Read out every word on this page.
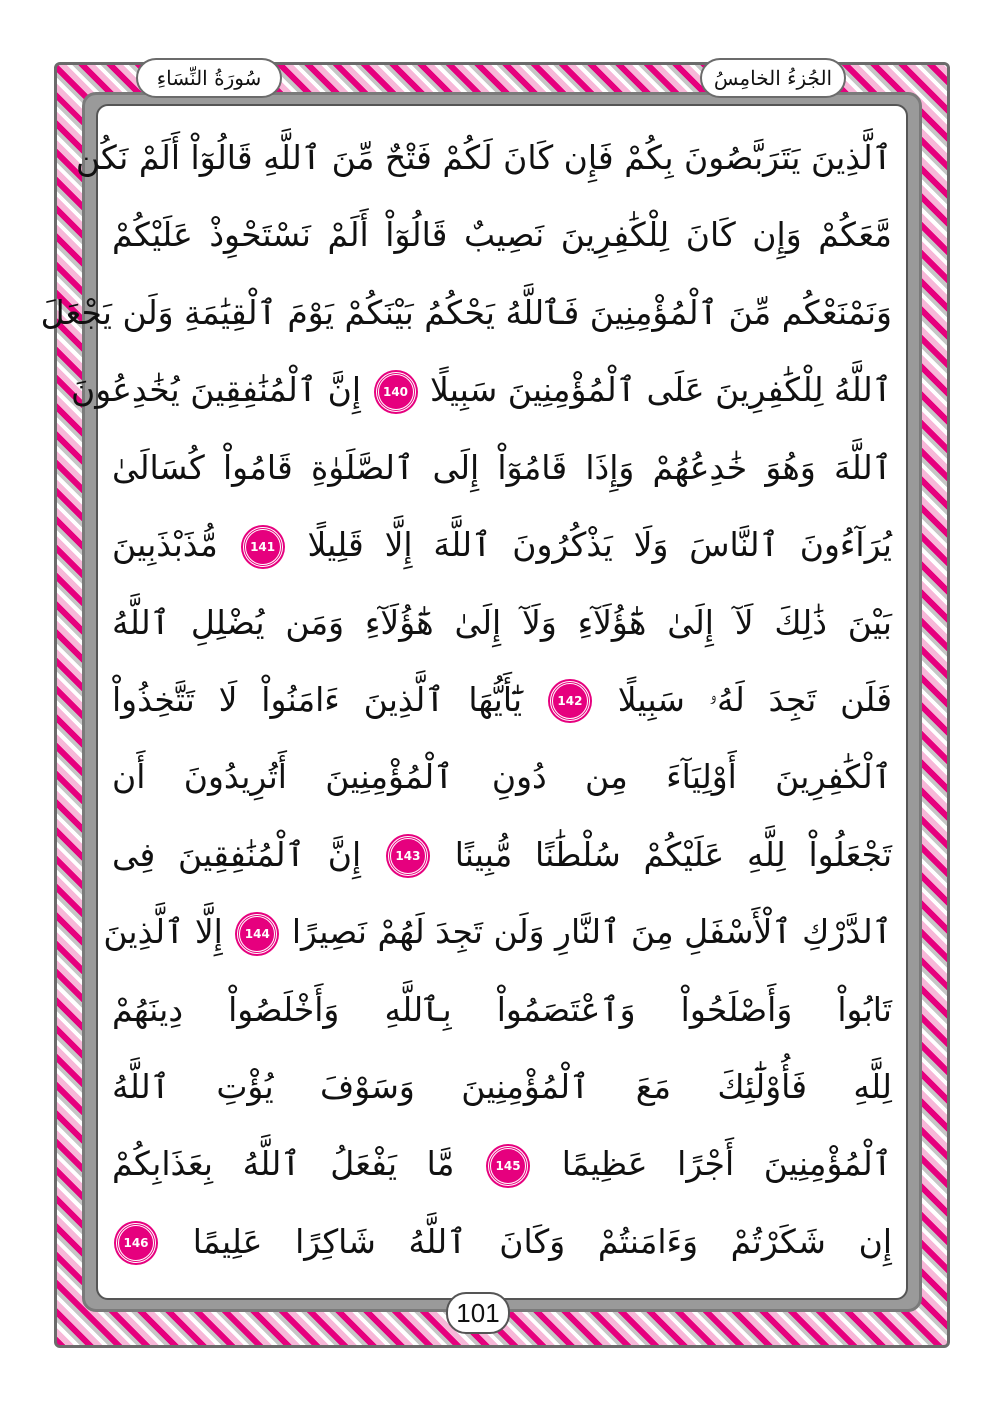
الجُزءُ الخامِسُ
سُورَةُ النِّسَاءِ
ٱلَّذِينَ يَتَرَبَّصُونَ بِكُمْ فَإِن كَانَ لَكُمْ فَتْحٌ مِّنَ ٱللَّهِ قَالُوٓاْ أَلَمْ نَكُن
مَّعَكُمْ وَإِن كَانَ لِلْكَٰفِرِينَ نَصِيبٌ قَالُوٓاْ أَلَمْ نَسْتَحْوِذْ عَلَيْكُمْ
وَنَمْنَعْكُم مِّنَ ٱلْمُؤْمِنِينَ فَٱللَّهُ يَحْكُمُ بَيْنَكُمْ يَوْمَ ٱلْقِيَٰمَةِ وَلَن يَجْعَلَ
ٱللَّهُ لِلْكَٰفِرِينَ عَلَى ٱلْمُؤْمِنِينَ سَبِيلًا 140 إِنَّ ٱلْمُنَٰفِقِينَ يُخَٰدِعُونَ
ٱللَّهَ وَهُوَ خَٰدِعُهُمْ وَإِذَا قَامُوٓاْ إِلَى ٱلصَّلَوٰةِ قَامُواْ كُسَالَىٰ
يُرَآءُونَ ٱلنَّاسَ وَلَا يَذْكُرُونَ ٱللَّهَ إِلَّا قَلِيلًا 141 مُّذَبْذَبِينَ
بَيْنَ ذَٰلِكَ لَآ إِلَىٰ هَٰٓؤُلَآءِ وَلَآ إِلَىٰ هَٰٓؤُلَآءِ وَمَن يُضْلِلِ ٱللَّهُ
فَلَن تَجِدَ لَهُۥ سَبِيلًا 142 يَٰٓأَيُّهَا ٱلَّذِينَ ءَامَنُواْ لَا تَتَّخِذُواْ
ٱلْكَٰفِرِينَ أَوْلِيَآءَ مِن دُونِ ٱلْمُؤْمِنِينَ أَتُرِيدُونَ أَن
تَجْعَلُواْ لِلَّهِ عَلَيْكُمْ سُلْطَٰنًا مُّبِينًا 143 إِنَّ ٱلْمُنَٰفِقِينَ فِى
ٱلدَّرْكِ ٱلْأَسْفَلِ مِنَ ٱلنَّارِ وَلَن تَجِدَ لَهُمْ نَصِيرًا 144 إِلَّا ٱلَّذِينَ
تَابُواْ وَأَصْلَحُواْ وَٱعْتَصَمُواْ بِٱللَّهِ وَأَخْلَصُواْ دِينَهُمْ
لِلَّهِ فَأُوْلَٰٓئِكَ مَعَ ٱلْمُؤْمِنِينَ وَسَوْفَ يُؤْتِ ٱللَّهُ
ٱلْمُؤْمِنِينَ أَجْرًا عَظِيمًا 145 مَّا يَفْعَلُ ٱللَّهُ بِعَذَابِكُمْ
إِن شَكَرْتُمْ وَءَامَنتُمْ وَكَانَ ٱللَّهُ شَاكِرًا عَلِيمًا 146
101
